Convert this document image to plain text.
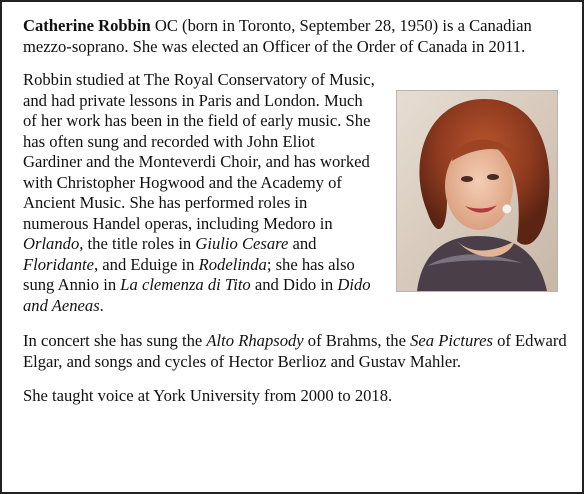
Catherine Robbin OC (born in Toronto, September 28, 1950) is a Canadian mezzo-soprano. She was elected an Officer of the Order of Canada in 2011.

Robbin studied at The Royal Conservatory of Music, and had private lessons in Paris and London. Much of her work has been in the field of early music. She has often sung and recorded with John Eliot Gardiner and the Monteverdi Choir, and has worked with Christopher Hogwood and the Academy of Ancient Music. She has performed roles in numerous Handel operas, including Medoro in Orlando, the title roles in Giulio Cesare and Floridante, and Eduige in Rodelinda; she has also sung Annio in La clemenza di Tito and Dido in Dido and Aeneas.

In concert she has sung the Alto Rhapsody of Brahms, the Sea Pictures of Edward Elgar, and songs and cycles of Hector Berlioz and Gustav Mahler.

She taught voice at York University from 2000 to 2018.
